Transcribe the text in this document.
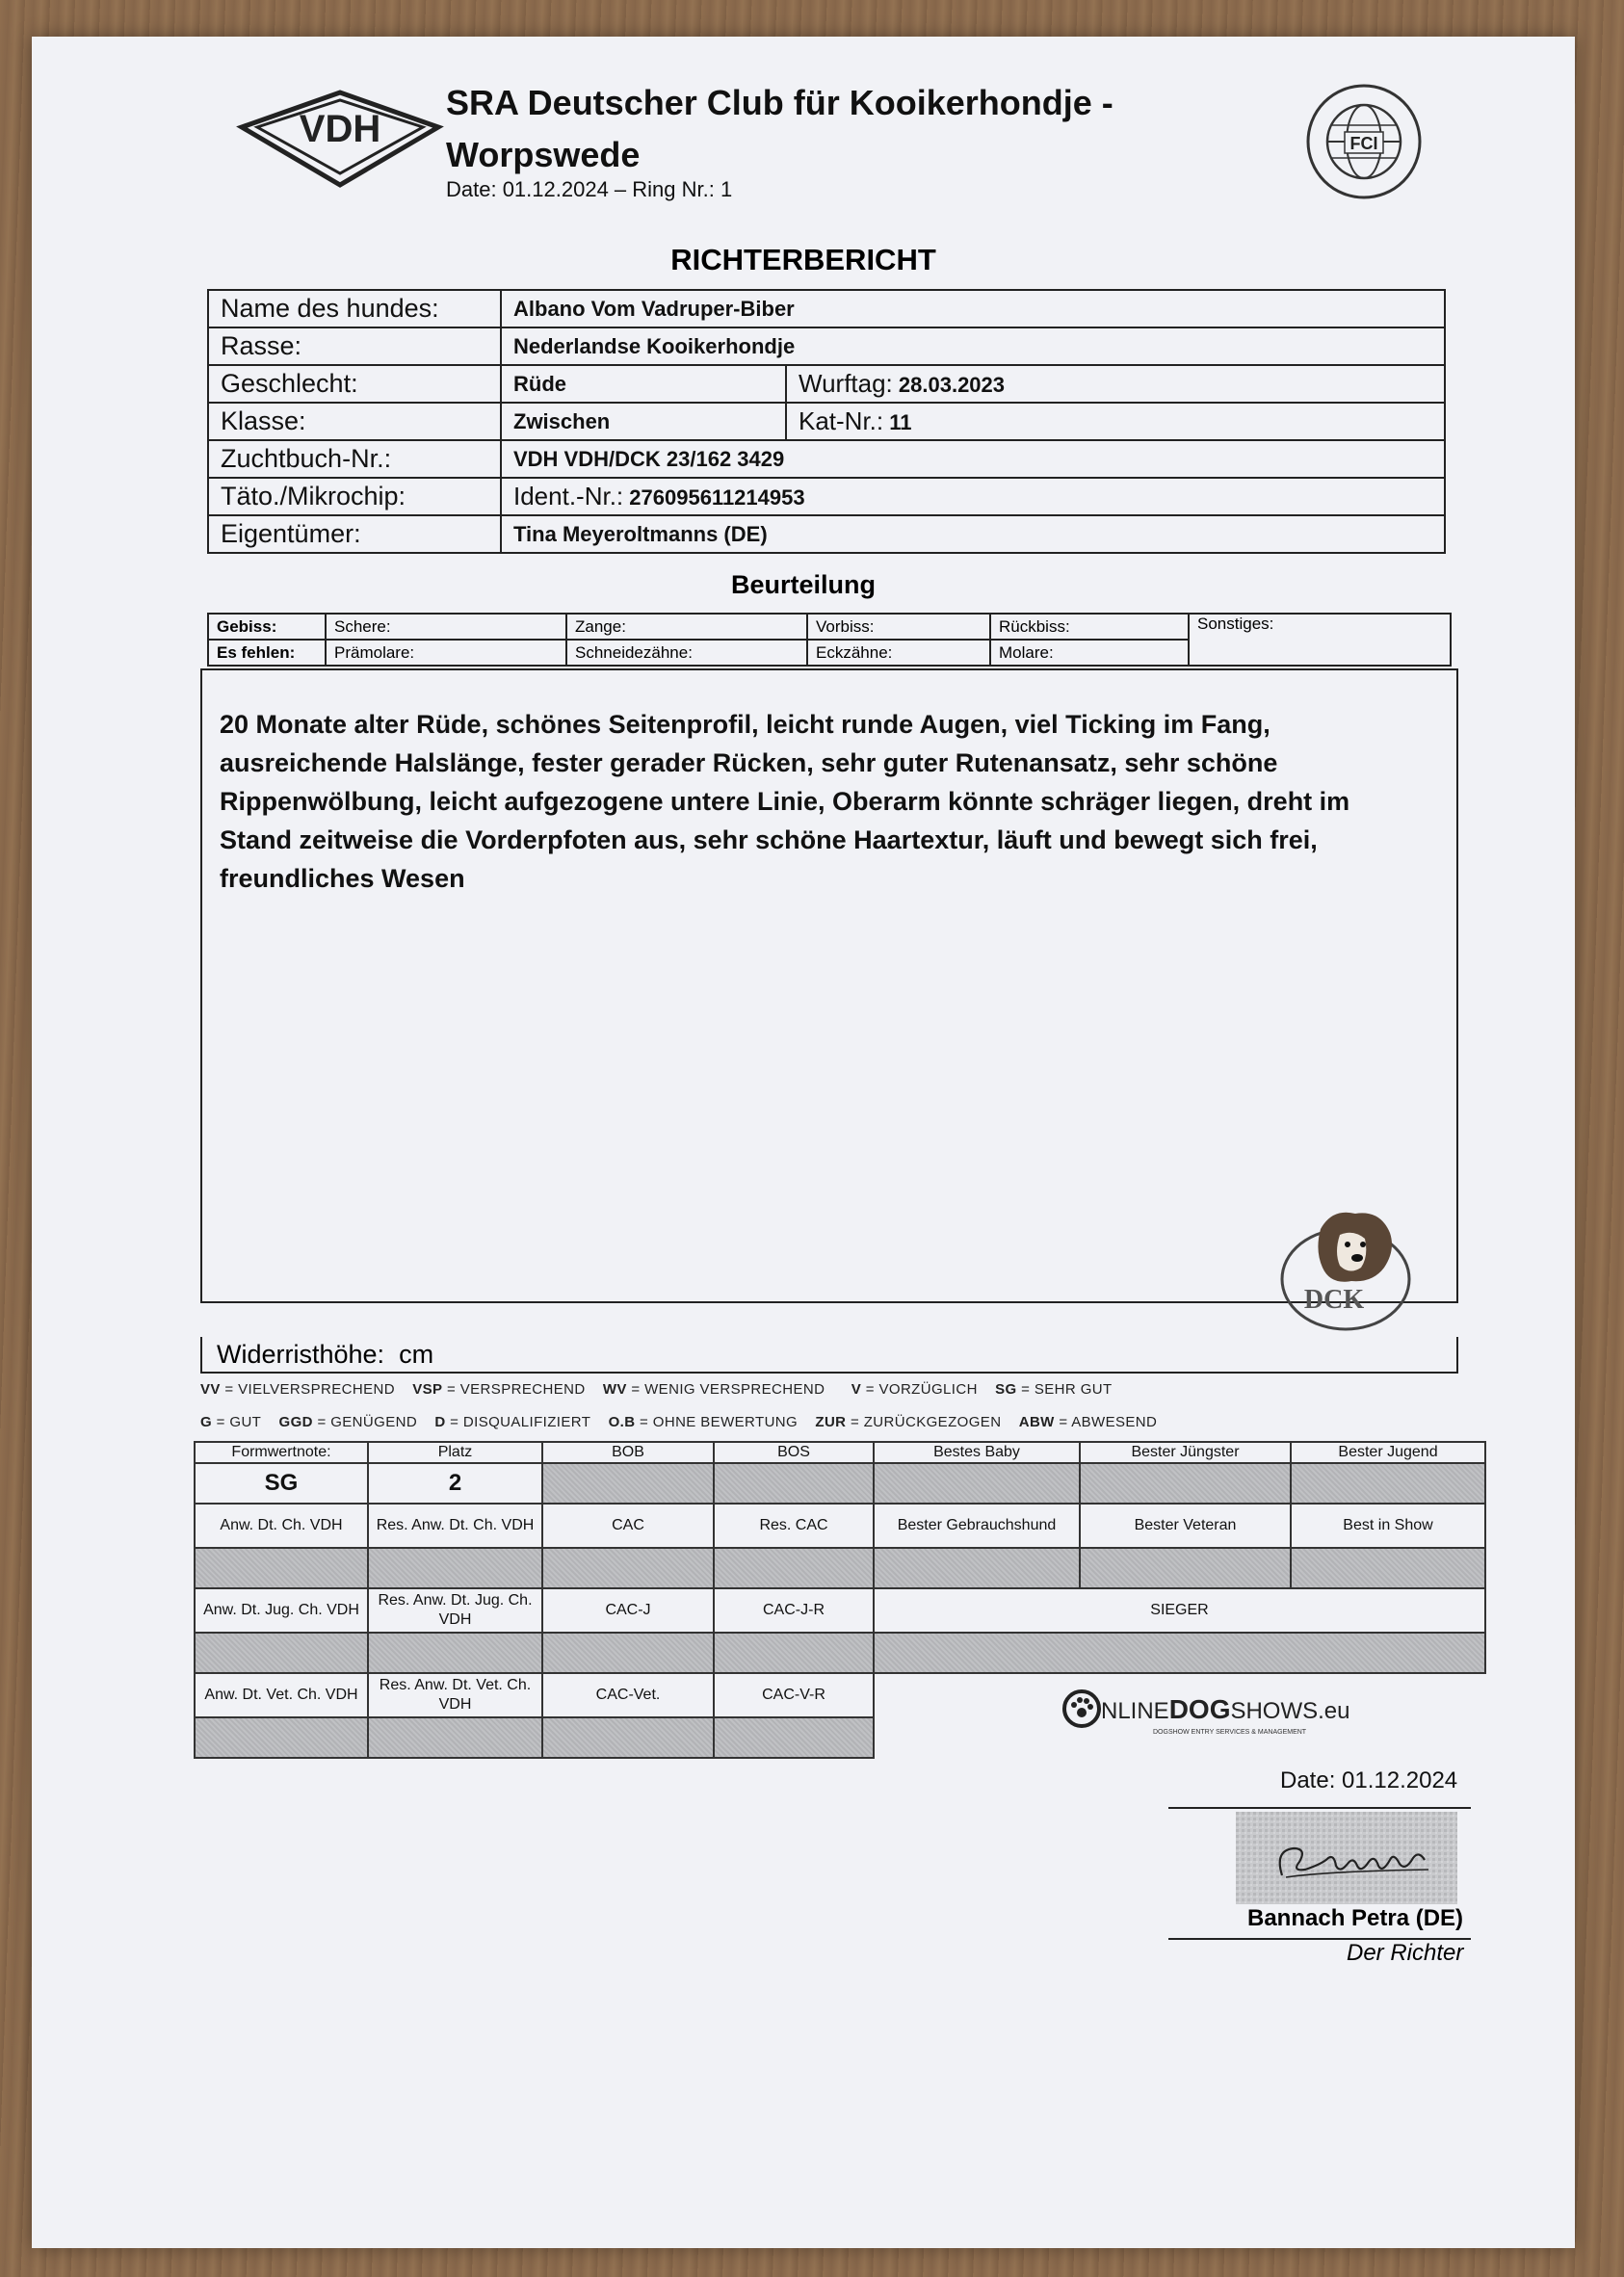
VDH
SRA Deutscher Club für Kooikerhondje -
Worpswede
Date: 01.12.2024 – Ring Nr.: 1
FCI
RICHTERBERICHT
Name des hundes:	Albano Vom Vadruper-Biber	
Rasse:	Nederlandse Kooikerhondje	
Geschlecht:	Rüde	Wurftag: 28.03.2023
Klasse:	Zwischen	Kat-Nr.: 11
Zuchtbuch-Nr.:	VDH VDH/DCK 23/162 3429	
Täto./Mikrochip:	Ident.-Nr.: 276095611214953	
Eigentümer:	Tina Meyeroltmanns (DE)	
Beurteilung
Gebiss:	Schere:	Zange:	Vorbiss:	Rückbiss:	Sonstiges:
Es fehlen:	Prämolare:	Schneidezähne:	Eckzähne:	Molare:	
20 Monate alter Rüde, schönes Seitenprofil, leicht runde Augen, viel Ticking im Fang, ausreichende Halslänge, fester gerader Rücken, sehr guter Rutenansatz, sehr schöne Rippenwölbung, leicht aufgezogene untere Linie, Oberarm könnte schräger liegen, dreht im Stand zeitweise die Vorderpfoten aus, sehr schöne Haartextur, läuft und bewegt sich frei, freundliches Wesen
DCK
Widerristhöhe: cm
VV = VIELVERSPRECHEND VSP = VERSPRECHEND WV = WENIG VERSPRECHEND V = VORZÜGLICH SG = SEHR GUT
G = GUT GGD = GENÜGEND D = DISQUALIFIZIERT O.B = OHNE BEWERTUNG ZUR = ZURÜCKGEZOGEN ABW = ABWESEND
Formwertnote:	Platz	BOB	BOS	Bestes Baby	Bester Jüngster	Bester Jugend
SG	2					
Anw. Dt. Ch. VDH	Res. Anw. Dt. Ch. VDH	CAC	Res. CAC	Bester Gebrauchshund	Bester Veteran	Best in Show

Anw. Dt. Jug. Ch. VDH	Res. Anw. Dt. Jug. Ch. VDH	CAC-J	CAC-J-R	SIEGER		

Anw. Dt. Vet. Ch. VDH	Res. Anw. Dt. Vet. Ch. VDH	CAC-Vet.	CAC-V-R			

NLINEDOGSHOWS.eu
DOGSHOW ENTRY SERVICES & MANAGEMENT
Date: 01.12.2024
Bannach Petra (DE)
Der Richter
